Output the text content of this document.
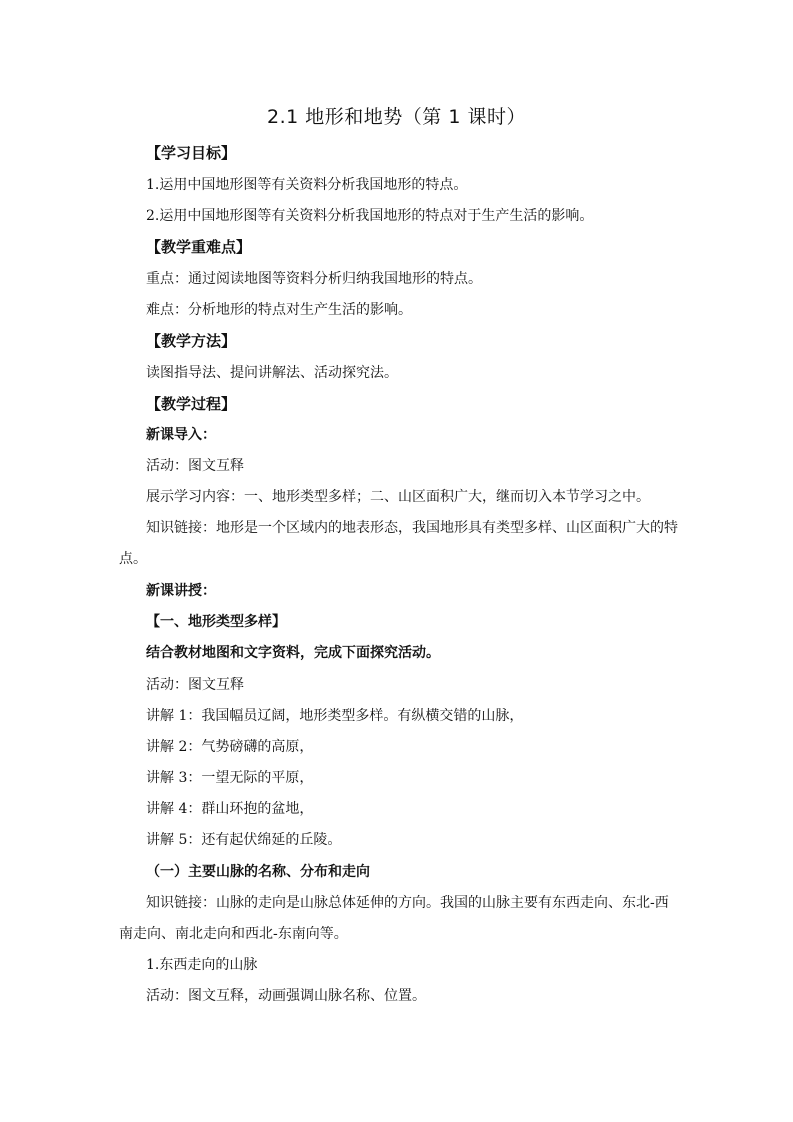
2.1 地形和地势（第 1 课时）
【学习目标】
1.运用中国地形图等有关资料分析我国地形的特点。
2.运用中国地形图等有关资料分析我国地形的特点对于生产生活的影响。
【教学重难点】
重点：通过阅读地图等资料分析归纳我国地形的特点。
难点：分析地形的特点对生产生活的影响。
【教学方法】
读图指导法、提问讲解法、活动探究法。
【教学过程】
新课导入：
活动：图文互释
展示学习内容：一、地形类型多样；二、山区面积广大，继而切入本节学习之中。
知识链接：地形是一个区域内的地表形态，我国地形具有类型多样、山区面积广大的特
点。
新课讲授：
【一、地形类型多样】
结合教材地图和文字资料，完成下面探究活动。
活动：图文互释
讲解 1：我国幅员辽阔，地形类型多样。有纵横交错的山脉，
讲解 2：气势磅礴的高原，
讲解 3：一望无际的平原，
讲解 4：群山环抱的盆地，
讲解 5：还有起伏绵延的丘陵。
（一）主要山脉的名称、分布和走向
知识链接：山脉的走向是山脉总体延伸的方向。我国的山脉主要有东西走向、东北-西
南走向、南北走向和西北-东南向等。
1.东西走向的山脉
活动：图文互释，动画强调山脉名称、位置。
